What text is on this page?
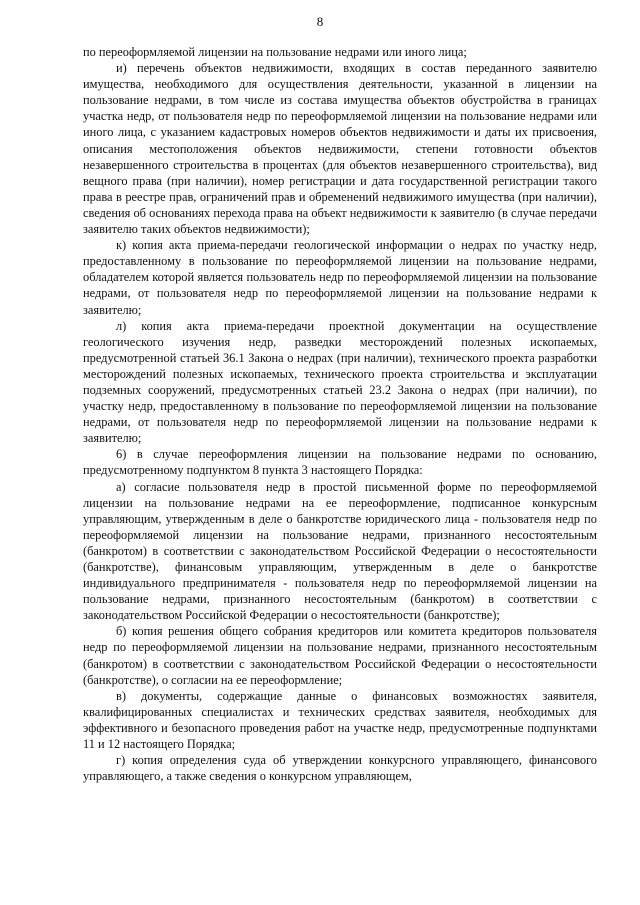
8

по переоформляемой лицензии на пользование недрами или иного лица;

и) перечень объектов недвижимости, входящих в состав переданного заявителю имущества, необходимого для осуществления деятельности, указанной в лицензии на пользование недрами, в том числе из состава имущества объектов обустройства в границах участка недр, от пользователя недр по переоформляемой лицензии на пользование недрами или иного лица, с указанием кадастровых номеров объектов недвижимости и даты их присвоения, описания местоположения объектов недвижимости, степени готовности объектов незавершенного строительства в процентах (для объектов незавершенного строительства), вид вещного права (при наличии), номер регистрации и дата государственной регистрации такого права в реестре прав, ограничений прав и обременений недвижимого имущества (при наличии), сведения об основаниях перехода права на объект недвижимости к заявителю (в случае передачи заявителю таких объектов недвижимости);

к) копия акта приема-передачи геологической информации о недрах по участку недр, предоставленному в пользование по переоформляемой лицензии на пользование недрами, обладателем которой является пользователь недр по переоформляемой лицензии на пользование недрами, от пользователя недр по переоформляемой лицензии на пользование недрами к заявителю;

л) копия акта приема-передачи проектной документации на осуществление геологического изучения недр, разведки месторождений полезных ископаемых, предусмотренной статьей 36.1 Закона о недрах (при наличии), технического проекта разработки месторождений полезных ископаемых, технического проекта строительства и эксплуатации подземных сооружений, предусмотренных статьей 23.2 Закона о недрах (при наличии), по участку недр, предоставленному в пользование по переоформляемой лицензии на пользование недрами, от пользователя недр по переоформляемой лицензии на пользование недрами к заявителю;

6) в случае переоформления лицензии на пользование недрами по основанию, предусмотренному подпунктом 8 пункта 3 настоящего Порядка:

а) согласие пользователя недр в простой письменной форме по переоформляемой лицензии на пользование недрами на ее переоформление, подписанное конкурсным управляющим, утвержденным в деле о банкротстве юридического лица - пользователя недр по переоформляемой лицензии на пользование недрами, признанного несостоятельным (банкротом) в соответствии с законодательством Российской Федерации о несостоятельности (банкротстве), финансовым управляющим, утвержденным в деле о банкротстве индивидуального предпринимателя - пользователя недр по переоформляемой лицензии на пользование недрами, признанного несостоятельным (банкротом) в соответствии с законодательством Российской Федерации о несостоятельности (банкротстве);

б) копия решения общего собрания кредиторов или комитета кредиторов пользователя недр по переоформляемой лицензии на пользование недрами, признанного несостоятельным (банкротом) в соответствии с законодательством Российской Федерации о несостоятельности (банкротстве), о согласии на ее переоформление;

в) документы, содержащие данные о финансовых возможностях заявителя, квалифицированных специалистах и технических средствах заявителя, необходимых для эффективного и безопасного проведения работ на участке недр, предусмотренные подпунктами 11 и 12 настоящего Порядка;

г) копия определения суда об утверждении конкурсного управляющего, финансового управляющего, а также сведения о конкурсном управляющем,
